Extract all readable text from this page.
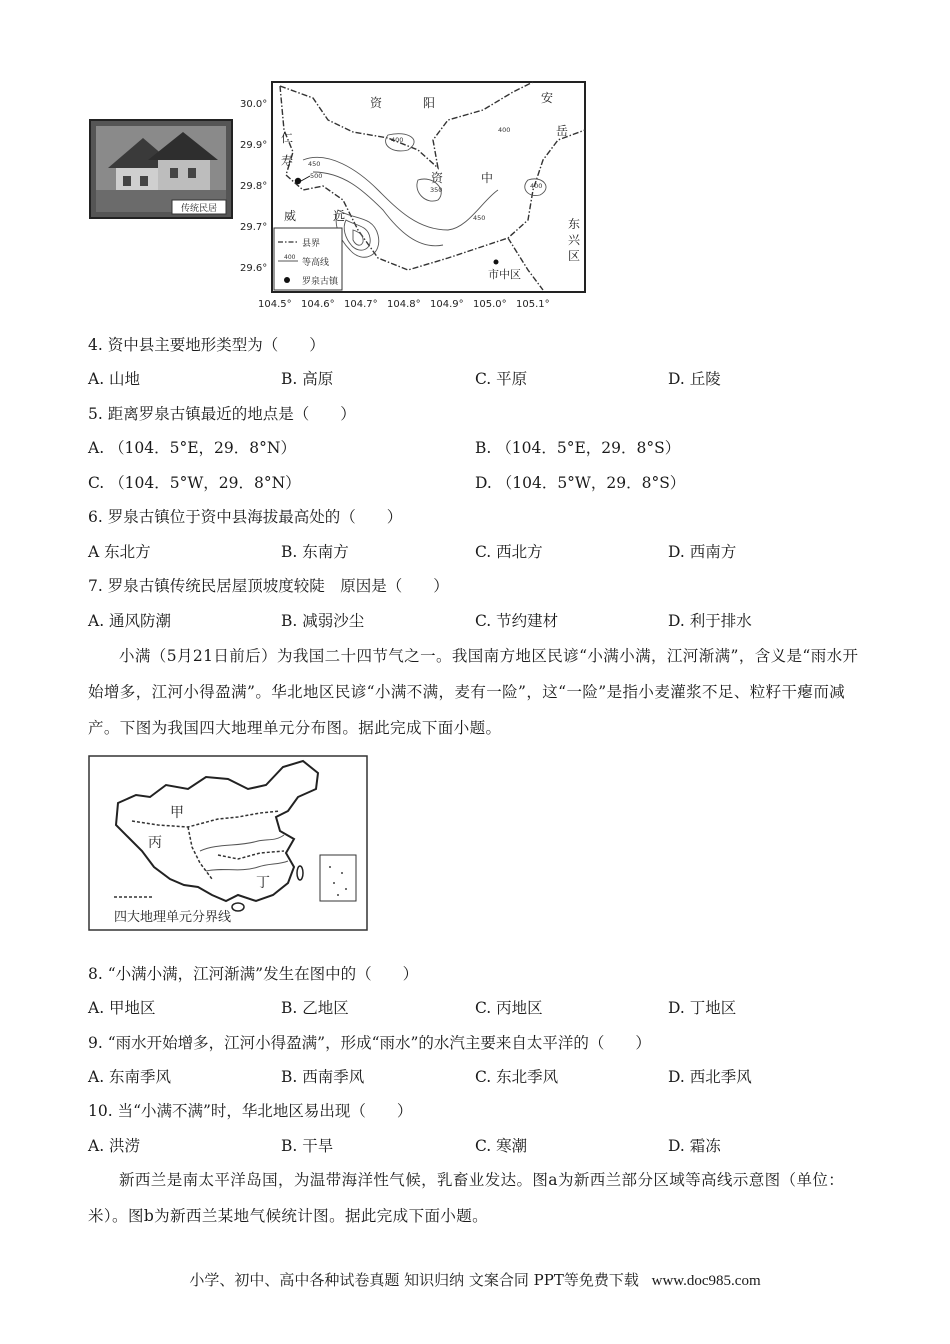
传统民居
30.0°
29.9°
29.8°
29.7°
29.6°
104.5° 104.6° 104.7° 104.8° 104.9° 105.0° 105.1°
400
400
450
500
350
450
400
资	阳	安
岳
仁
寿
资	中
威	远
东
兴
区
市中区
县界
400
等高线
罗泉古镇
4. 资中县主要地形类型为（　　）
A. 山地	B. 高原	C. 平原	D. 丘陵
5. 距离罗泉古镇最近的地点是（　　）
A. （104．5°E，29．8°N）	B. （104．5°E，29．8°S）
C. （104．5°W，29．8°N）	D. （104．5°W，29．8°S）
6. 罗泉古镇位于资中县海拔最高处的（　　）
A 东北方	B. 东南方	C. 西北方	D. 西南方
7. 罗泉古镇传统民居屋顶坡度较陡　原因是（　　）
A. 通风防潮	B. 减弱沙尘	C. 节约建材	D. 利于排水
小满（5月21日前后）为我国二十四节气之一。我国南方地区民谚“小满小满，江河渐满”，含义是“雨水开始增多，江河小得盈满”。华北地区民谚“小满不满，麦有一险”，这“一险”是指小麦灌浆不足、粒籽干瘪而减产。下图为我国四大地理单元分布图。据此完成下面小题。
甲
丙
丁
四大地理单元分界线
8. “小满小满，江河渐满”发生在图中的（　　）
A. 甲地区	B. 乙地区	C. 丙地区	D. 丁地区
9. “雨水开始增多，江河小得盈满”，形成“雨水”的水汽主要来自太平洋的（　　）
A. 东南季风	B. 西南季风	C. 东北季风	D. 西北季风
10. 当“小满不满”时，华北地区易出现（　　）
A. 洪涝	B. 干旱	C. 寒潮	D. 霜冻
新西兰是南太平洋岛国，为温带海洋性气候，乳畜业发达。图a为新西兰部分区域等高线示意图（单位：米）。图b为新西兰某地气候统计图。据此完成下面小题。
小学、初中、高中各种试卷真题 知识归纳 文案合同 PPT等免费下载 www.doc985.com
